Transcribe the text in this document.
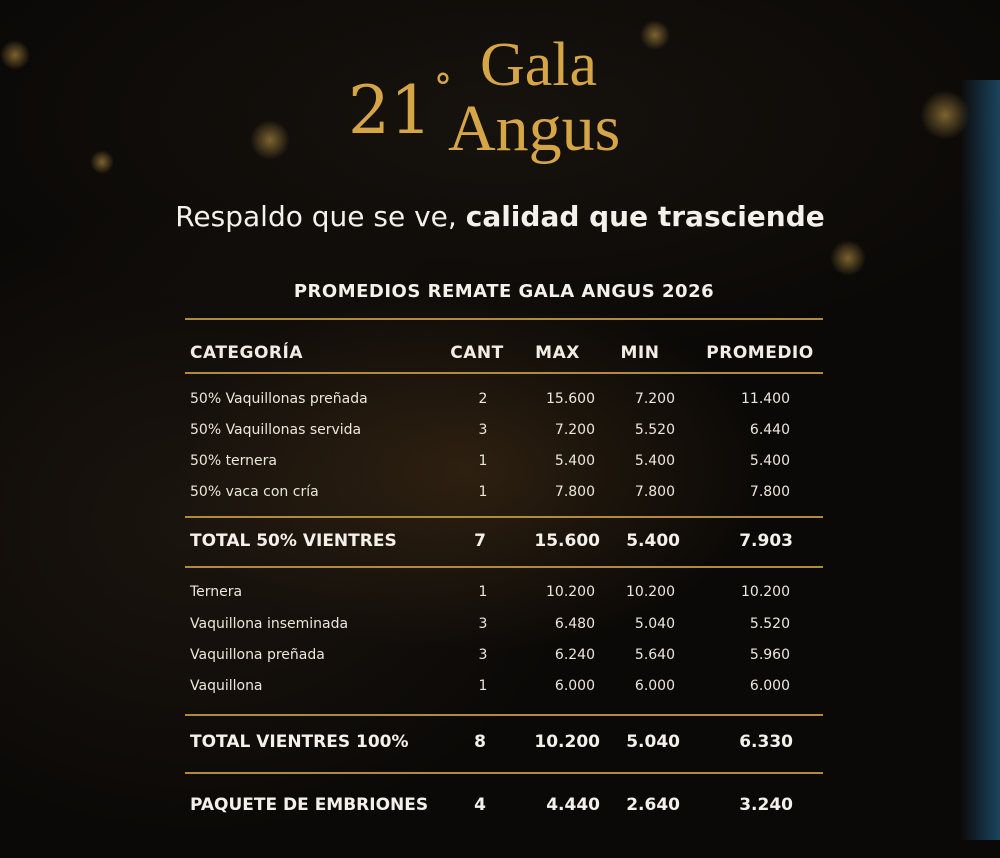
21 ° Gala
Angus
Respaldo que se ve, calidad que trasciende
PROMEDIOS REMATE GALA ANGUS 2026
CATEGORÍA	CANT	MAX	MIN	PROMEDIO
50% Vaquillonas preñada	2	15.600	7.200	11.400
50% Vaquillonas servida	3	7.200	5.520	6.440
50% ternera	1	5.400	5.400	5.400
50% vaca con cría	1	7.800	7.800	7.800
TOTAL 50% VIENTRES	7	15.600	5.400	7.903
Ternera	1	10.200	10.200	10.200
Vaquillona inseminada	3	6.480	5.040	5.520
Vaquillona preñada	3	6.240	5.640	5.960
Vaquillona	1	6.000	6.000	6.000
TOTAL VIENTRES 100%	8	10.200	5.040	6.330
PAQUETE DE EMBRIONES	4	4.440	2.640	3.240
